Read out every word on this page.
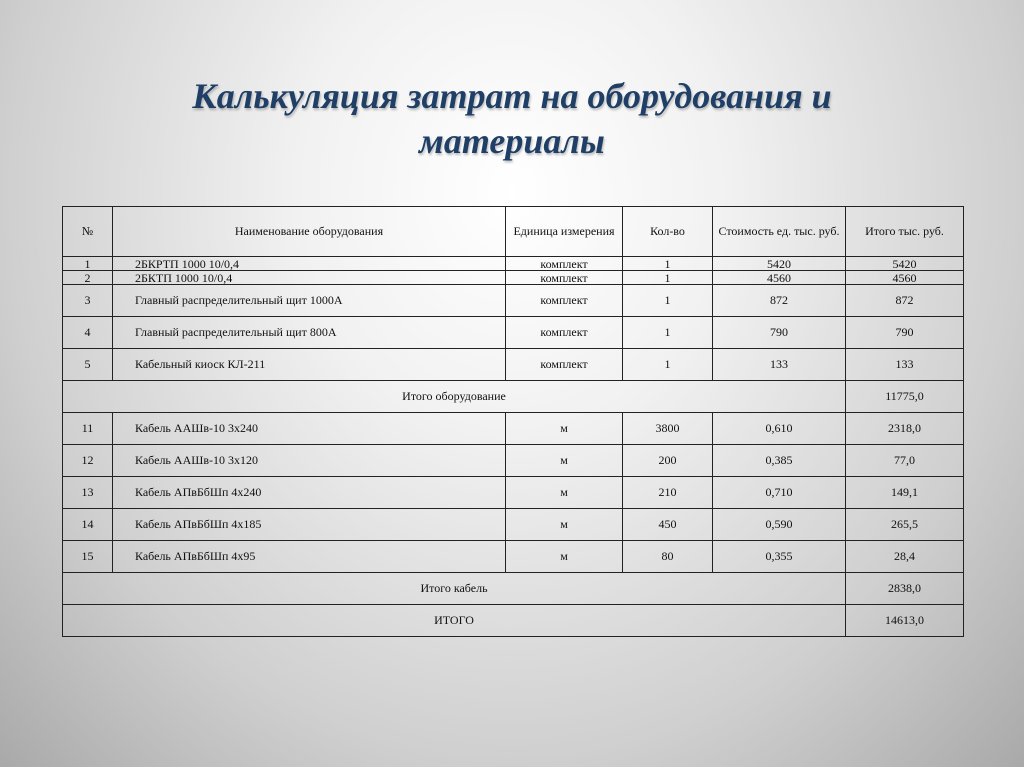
Калькуляция затрат на оборудования и
материалы
№	Наименование оборудования	Единица измерения	Кол-во	Стоимость ед. тыс. руб.	Итого тыс. руб.
1	2БКРТП 1000 10/0,4	комплект	1	5420	5420
2	2БКТП 1000 10/0,4	комплект	1	4560	4560
3	Главный распределительный щит 1000А	комплект	1	872	872
4	Главный распределительный щит 800А	комплект	1	790	790
5	Кабельный киоск КЛ-211	комплект	1	133	133
Итого оборудование					11775,0
11	Кабель ААШв-10 3х240	м	3800	0,610	2318,0
12	Кабель ААШв-10 3х120	м	200	0,385	77,0
13	Кабель АПвБбШп 4х240	м	210	0,710	149,1
14	Кабель АПвБбШп 4х185	м	450	0,590	265,5
15	Кабель АПвБбШп 4х95	м	80	0,355	28,4
Итого кабель					2838,0
ИТОГО					14613,0
